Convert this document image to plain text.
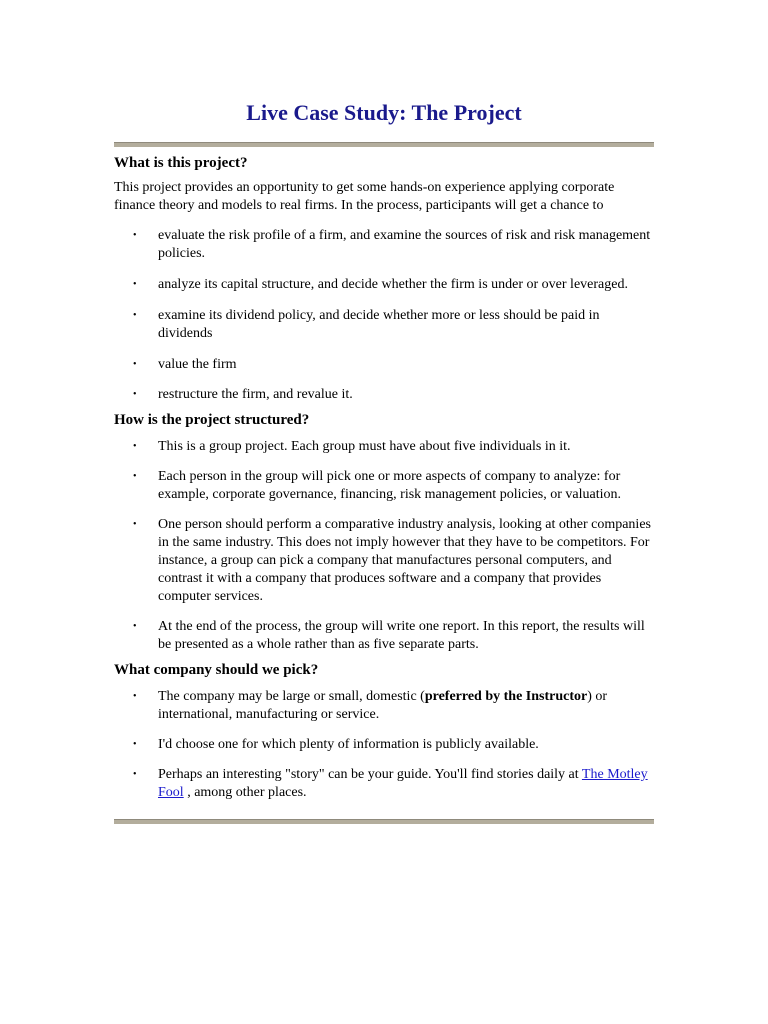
Live Case Study: The Project
What is this project?

This project provides an opportunity to get some hands-on experience applying corporate finance theory and models to real firms. In the process, participants will get a chance to

• evaluate the risk profile of a firm, and examine the sources of risk and risk management policies.
• analyze its capital structure, and decide whether the firm is under or over leveraged.
• examine its dividend policy, and decide whether more or less should be paid in dividends
• value the firm
• restructure the firm, and revalue it.
How is the project structured?
• This is a group project. Each group must have about five individuals in it.
• Each person in the group will pick one or more aspects of company to analyze: for example, corporate governance, financing, risk management policies, or valuation.
• One person should perform a comparative industry analysis, looking at other companies in the same industry. This does not imply however that they have to be competitors. For instance, a group can pick a company that manufactures personal computers, and contrast it with a company that produces software and a company that provides computer services.
• At the end of the process, the group will write one report. In this report, the results will be presented as a whole rather than as five separate parts.
What company should we pick?
• The company may be large or small, domestic (preferred by the Instructor) or international, manufacturing or service.
• I'd choose one for which plenty of information is publicly available.
• Perhaps an interesting "story" can be your guide. You'll find stories daily at The Motley Fool , among other places.
